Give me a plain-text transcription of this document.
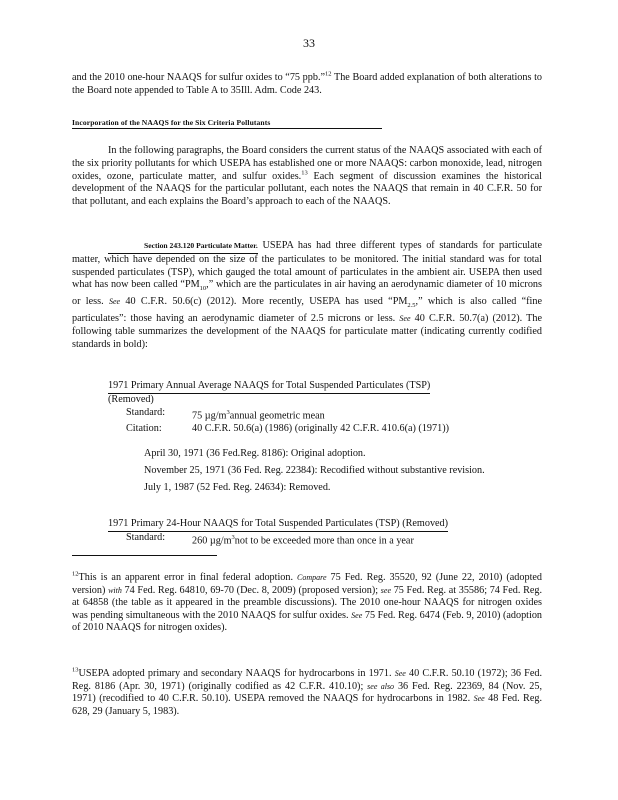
33

and the 2010 one-hour NAAQS for sulfur oxides to “75 ppb.”$^{12}$ The Board added explanation of both alterations to the Board note appended to Table A to 35Ill. Adm. Code 243.

Incorporation of the NAAQS for the Six Criteria Pollutants

In the following paragraphs, the Board considers the current status of the NAAQS associated with each of the six priority pollutants for which USEPA has established one or more NAAQS: carbon monoxide, lead, nitrogen oxides, ozone, particulate matter, and sulfur oxides.$^{13}$ Each segment of discussion examines the historical development of the NAAQS for the particular pollutant, each notes the NAAQS that remain in 40 C.F.R. 50 for that pollutant, and each explains the Board’s approach to each of the NAAQS.

Section 243.120 Particulate Matter. USEPA has had three different types of standards for particulate matter, which have depended on the size of the particulates to be monitored. The initial standard was for total suspended particulates (TSP), which gauged the total amount of particulates in the ambient air. USEPA then used what has now been called “$PM_{10}$,” which are the particulates in air having an aerodynamic diameter of 10 microns or less. See 40 C.F.R. 50.6(c) (2012). More recently, USEPA has used “$PM_{2.5}$,” which is also called “fine particulates”: those having an aerodynamic diameter of 2.5 microns or less. See 40 C.F.R. 50.7(a) (2012). The following table summarizes the development of the NAAQS for particulate matter (indicating currently codified standards in bold):

1971 Primary Annual Average NAAQS for Total Suspended Particulates (TSP)
(Removed)
Standard:	75 $\mu g/m^3annual$ geometric mean
Citation:	40 C.F.R. 50.6(a) (1986) (originally 42 C.F.R. 410.6(a) (1971))

April 30, 1971 (36 Fed.Reg. 8186): Original adoption.

November 25, 1971 (36 Fed. Reg. 22384): Recodified without substantive revision.

July 1, 1987 (52 Fed. Reg. 24634): Removed.

1971 Primary 24-Hour NAAQS for Total Suspended Particulates (TSP) (Removed)
Standard:	260 $\mu g/m^3not$ to be exceeded more than once in a year

$^{12}$This is an apparent error in final federal adoption. Compare 75 Fed. Reg. 35520, 92 (June 22, 2010) (adopted version) with 74 Fed. Reg. 64810, 69-70 (Dec. 8, 2009) (proposed version); see 75 Fed. Reg. at 35586; 74 Fed. Reg. at 64858 (the table as it appeared in the preamble discussions). The 2010 one-hour NAAQS for nitrogen oxides was pending simultaneous with the 2010 NAAQS for sulfur oxides. See 75 Fed. Reg. 6474 (Feb. 9, 2010) (adoption of 2010 NAAQS for nitrogen oxides).

$^{13}$USEPA adopted primary and secondary NAAQS for hydrocarbons in 1971. See 40 C.F.R. 50.10 (1972); 36 Fed. Reg. 8186 (Apr. 30, 1971) (originally codified as 42 C.F.R. 410.10); see also 36 Fed. Reg. 22369, 84 (Nov. 25, 1971) (recodified to 40 C.F.R. 50.10). USEPA removed the NAAQS for hydrocarbons in 1982. See 48 Fed. Reg. 628, 29 (January 5, 1983).
